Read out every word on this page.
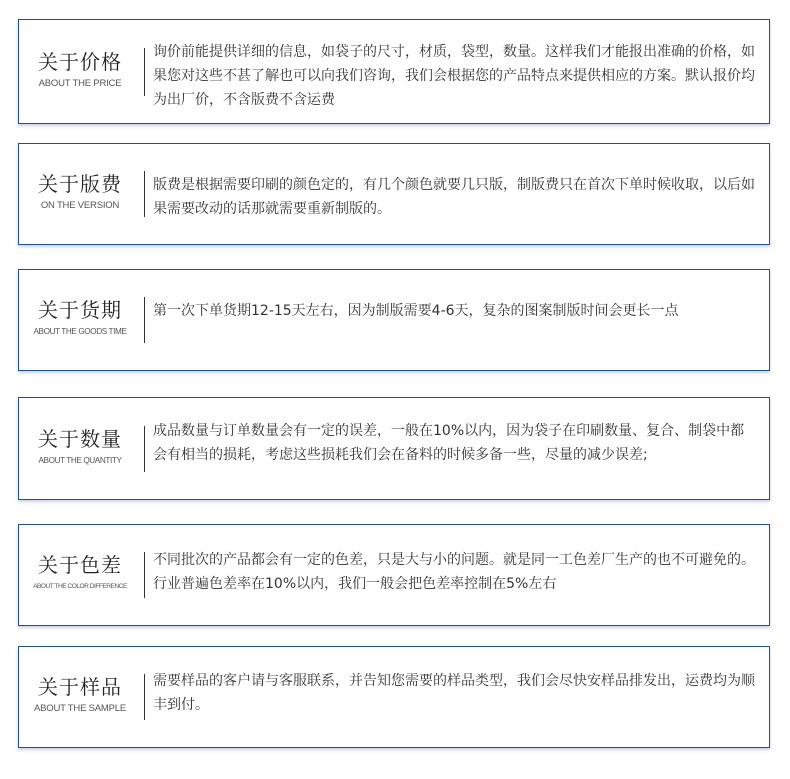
关于价格
ABOUT THE PRICE
询价前能提供详细的信息，如袋子的尺寸，材质，袋型，数量。这样我们才能报出准确的价格，如果您对这些不甚了解也可以向我们咨询，我们会根据您的产品特点来提供相应的方案。默认报价均为出厂价，不含版费不含运费
关于版费
ON THE VERSION
版费是根据需要印刷的颜色定的，有几个颜色就要几只版，制版费只在首次下单时候收取，以后如果需要改动的话那就需要重新制版的。
关于货期
ABOUT THE GOODS TIME
第一次下单货期12-15天左右，因为制版需要4-6天，复杂的图案制版时间会更长一点
关于数量
ABOUT THE QUANTITY
成品数量与订单数量会有一定的误差，一般在10%以内，因为袋子在印刷数量、复合、制袋中都会有相当的损耗，考虑这些损耗我们会在备料的时候多备一些，尽量的减少误差;
关于色差
ABOUT THE COLOR DIFFERENCE
不同批次的产品都会有一定的色差，只是大与小的问题。就是同一工色差厂生产的也不可避免的。行业普遍色差率在10%以内，我们一般会把色差率控制在5%左右
关于样品
ABOUT THE SAMPLE
需要样品的客户请与客服联系，并告知您需要的样品类型，我们会尽快安样品排发出，运费均为顺丰到付。
